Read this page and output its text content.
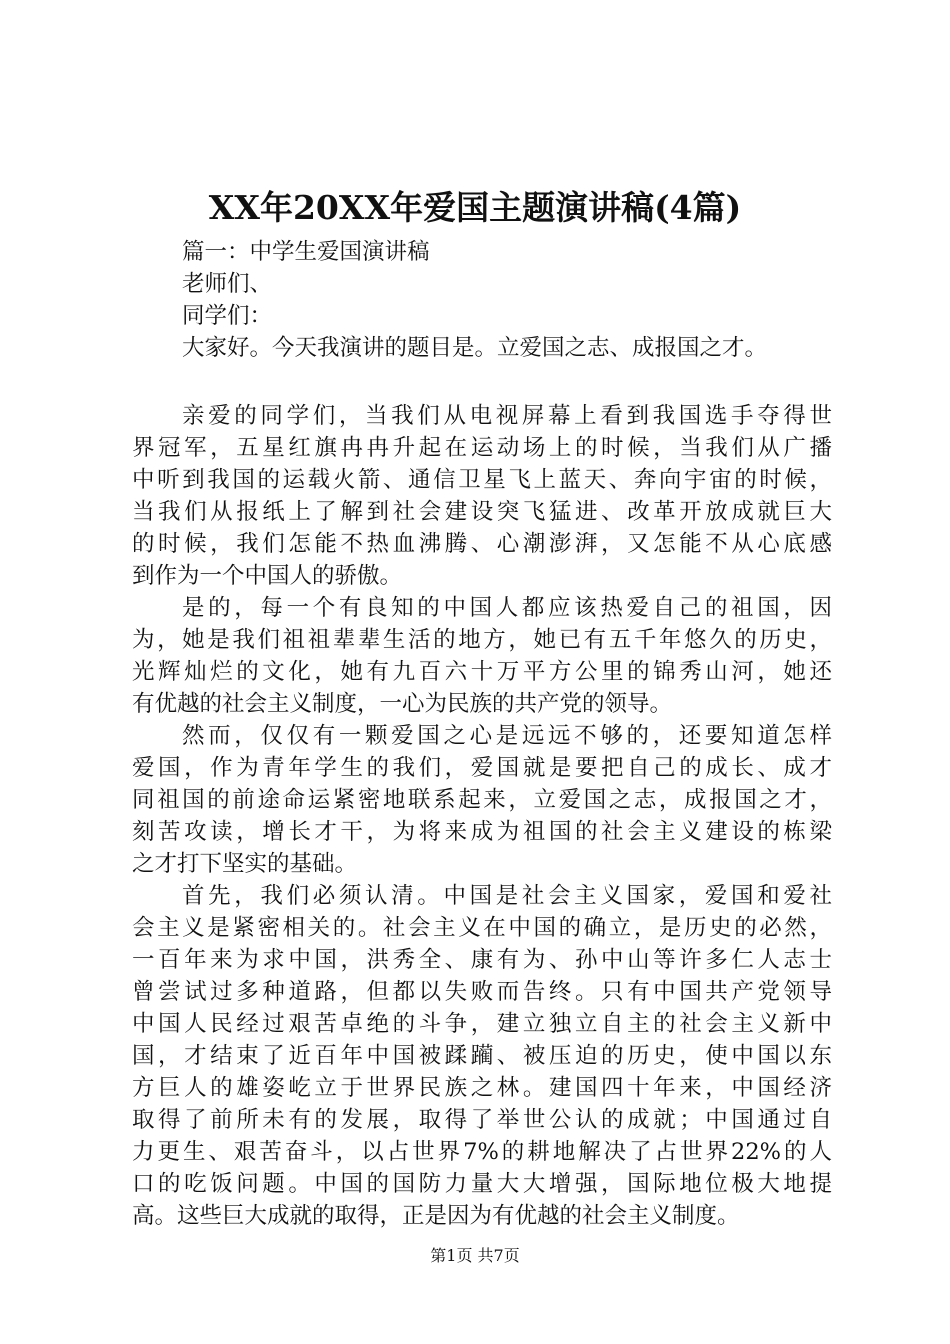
XX年20XX年爱国主题演讲稿(4篇)
篇一：中学生爱国演讲稿
老师们、
同学们：
大家好。今天我演讲的题目是。立爱国之志、成报国之才。
亲爱的同学们，当我们从电视屏幕上看到我国选手夺得世
界冠军，五星红旗冉冉升起在运动场上的时候，当我们从广播
中听到我国的运载火箭、通信卫星飞上蓝天、奔向宇宙的时候，
当我们从报纸上了解到社会建设突飞猛进、改革开放成就巨大
的时候，我们怎能不热血沸腾、心潮澎湃，又怎能不从心底感
到作为一个中国人的骄傲。
是的，每一个有良知的中国人都应该热爱自己的祖国，因
为，她是我们祖祖辈辈生活的地方，她已有五千年悠久的历史，
光辉灿烂的文化，她有九百六十万平方公里的锦秀山河，她还
有优越的社会主义制度，一心为民族的共产党的领导。
然而，仅仅有一颗爱国之心是远远不够的，还要知道怎样
爱国，作为青年学生的我们，爱国就是要把自己的成长、成才
同祖国的前途命运紧密地联系起来，立爱国之志，成报国之才，
刻苦攻读，增长才干，为将来成为祖国的社会主义建设的栋梁
之才打下坚实的基础。
首先，我们必须认清。中国是社会主义国家，爱国和爱社
会主义是紧密相关的。社会主义在中国的确立，是历史的必然，
一百年来为求中国，洪秀全、康有为、孙中山等许多仁人志士
曾尝试过多种道路，但都以失败而告终。只有中国共产党领导
中国人民经过艰苦卓绝的斗争，建立独立自主的社会主义新中
国，才结束了近百年中国被蹂躏、被压迫的历史，使中国以东
方巨人的雄姿屹立于世界民族之林。建国四十年来，中国经济
取得了前所未有的发展，取得了举世公认的成就；中国通过自
力更生、艰苦奋斗，以占世界7%的耕地解决了占世界22%的人
口的吃饭问题。中国的国防力量大大增强，国际地位极大地提
高。这些巨大成就的取得，正是因为有优越的社会主义制度。
第1页 共7页
